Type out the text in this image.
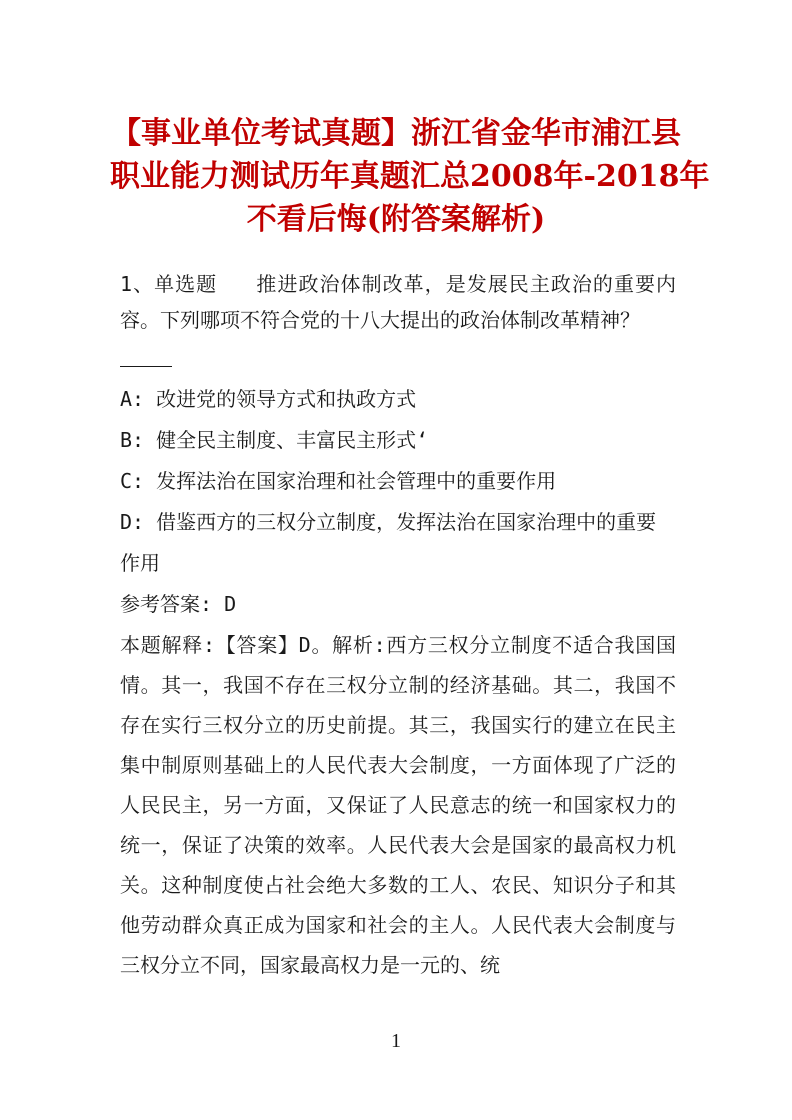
【事业单位考试真题】浙江省金华市浦江县
职业能力测试历年真题汇总2008年-2018年
不看后悔(附答案解析)

1、单选题 推进政治体制改革，是发展民主政治的重要内容。下列哪项不符合党的十八大提出的政治体制改革精神？

A: 改进党的领导方式和执政方式

B: 健全民主制度、丰富民主形式‘

C: 发挥法治在国家治理和社会管理中的重要作用

D: 借鉴西方的三权分立制度，发挥法治在国家治理中的重要作用

参考答案: D

本题解释:【答案】D。解析:西方三权分立制度不适合我国国情。其一，我国不存在三权分立制的经济基础。其二，我国不存在实行三权分立的历史前提。其三，我国实行的建立在民主集中制原则基础上的人民代表大会制度，一方面体现了广泛的人民民主，另一方面，又保证了人民意志的统一和国家权力的统一，保证了决策的效率。人民代表大会是国家的最高权力机关。这种制度使占社会绝大多数的工人、农民、知识分子和其他劳动群众真正成为国家和社会的主人。人民代表大会制度与三权分立不同，国家最高权力是一元的、统

1
